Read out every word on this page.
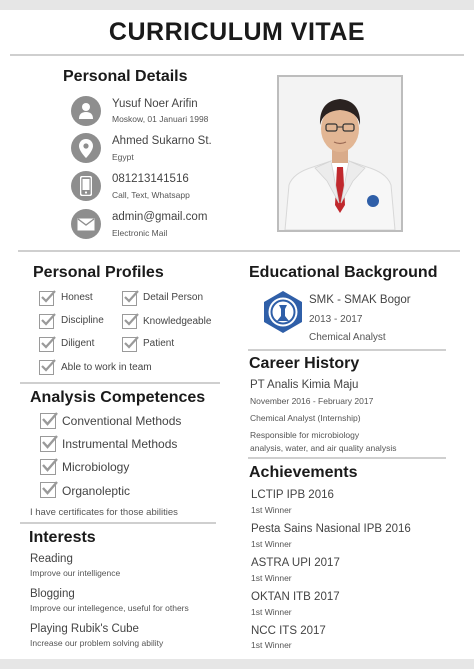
CURRICULUM VITAE
Personal Details
Yusuf Noer Arifin
Moskow, 01 Januari 1998
Ahmed Sukarno St.
Egypt
081213141516
Call, Text, Whatsapp
admin@gmail.com
Electronic Mail
Personal Profiles
Honest	Detail Person
Discipline	Knowledgeable
Diligent	Patient
Able to work in team
Analysis Competences
Conventional Methods
Instrumental Methods
Microbiology
Organoleptic
I have certificates for those abilities
Interests
Reading
Improve our intelligence
Blogging
Improve our intellegence, useful for others
Playing Rubik's Cube
Increase our problem solving ability
Educational Background
SMK - SMAK Bogor
2013 - 2017
Chemical Analyst
Career History
PT Analis Kimia Maju
November 2016 - February 2017
Chemical Analyst (Internship)
Responsible for microbiology
analysis, water, and air quality analysis
Achievements
LCTIP IPB 2016
1st Winner
Pesta Sains Nasional IPB 2016
1st Winner
ASTRA UPI 2017
1st Winner
OKTAN ITB 2017
1st Winner
NCC ITS 2017
1st Winner
